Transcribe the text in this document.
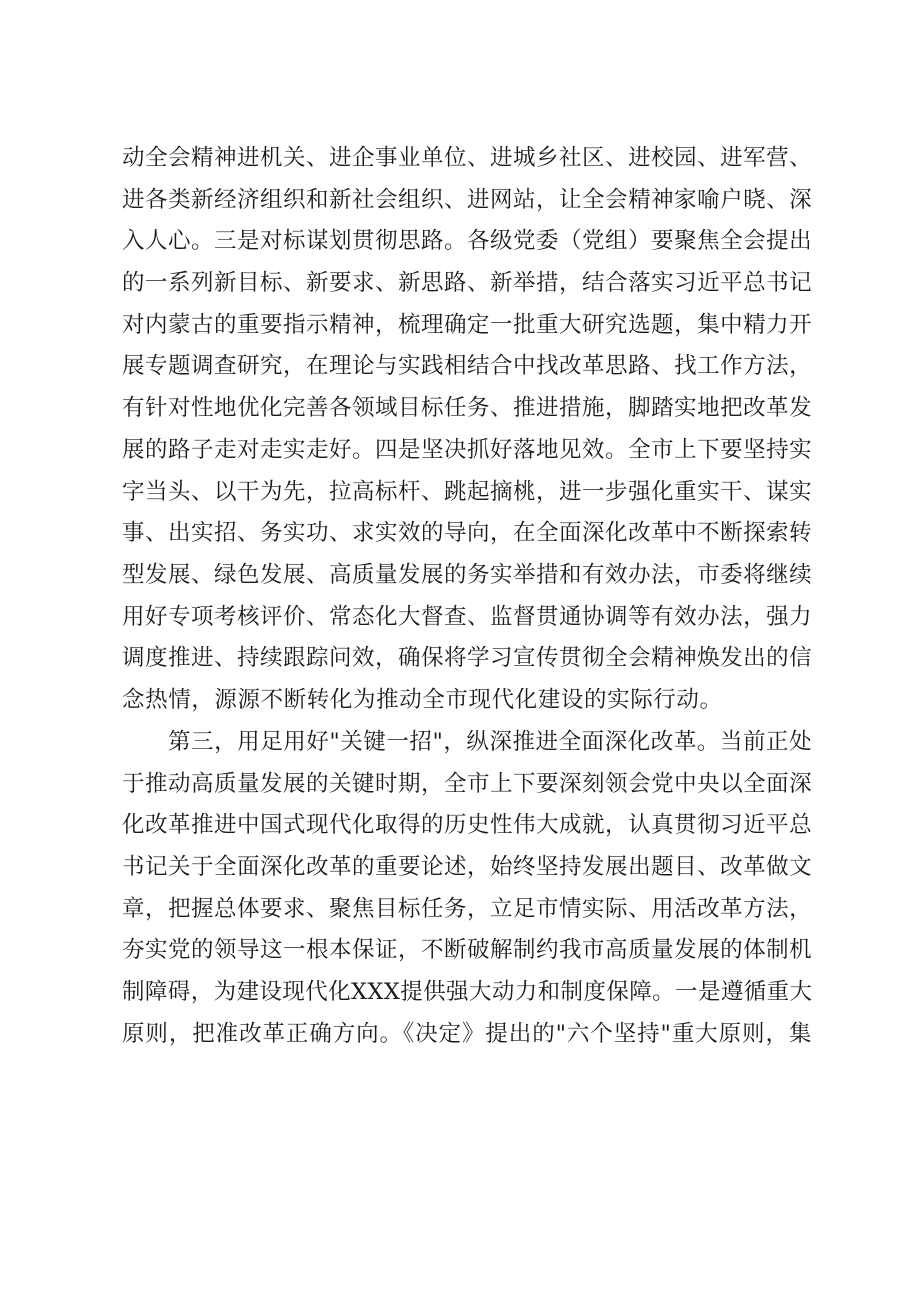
动全会精神进机关、进企事业单位、进城乡社区、进校园、进军营、
进各类新经济组织和新社会组织、进网站，让全会精神家喻户晓、深
入人心。三是对标谋划贯彻思路。各级党委（党组）要聚焦全会提出
的一系列新目标、新要求、新思路、新举措，结合落实习近平总书记
对内蒙古的重要指示精神，梳理确定一批重大研究选题，集中精力开
展专题调查研究，在理论与实践相结合中找改革思路、找工作方法，
有针对性地优化完善各领域目标任务、推进措施，脚踏实地把改革发
展的路子走对走实走好。四是坚决抓好落地见效。全市上下要坚持实
字当头、以干为先，拉高标杆、跳起摘桃，进一步强化重实干、谋实
事、出实招、务实功、求实效的导向，在全面深化改革中不断探索转
型发展、绿色发展、高质量发展的务实举措和有效办法，市委将继续
用好专项考核评价、常态化大督查、监督贯通协调等有效办法，强力
调度推进、持续跟踪问效，确保将学习宣传贯彻全会精神焕发出的信
念热情，源源不断转化为推动全市现代化建设的实际行动。
第三，用足用好"关键一招"，纵深推进全面深化改革。当前正处
于推动高质量发展的关键时期，全市上下要深刻领会党中央以全面深
化改革推进中国式现代化取得的历史性伟大成就，认真贯彻习近平总
书记关于全面深化改革的重要论述，始终坚持发展出题目、改革做文
章，把握总体要求、聚焦目标任务，立足市情实际、用活改革方法，
夯实党的领导这一根本保证，不断破解制约我市高质量发展的体制机
制障碍，为建设现代化XXX提供强大动力和制度保障。一是遵循重大
原则，把准改革正确方向。《决定》提出的"六个坚持"重大原则，集
